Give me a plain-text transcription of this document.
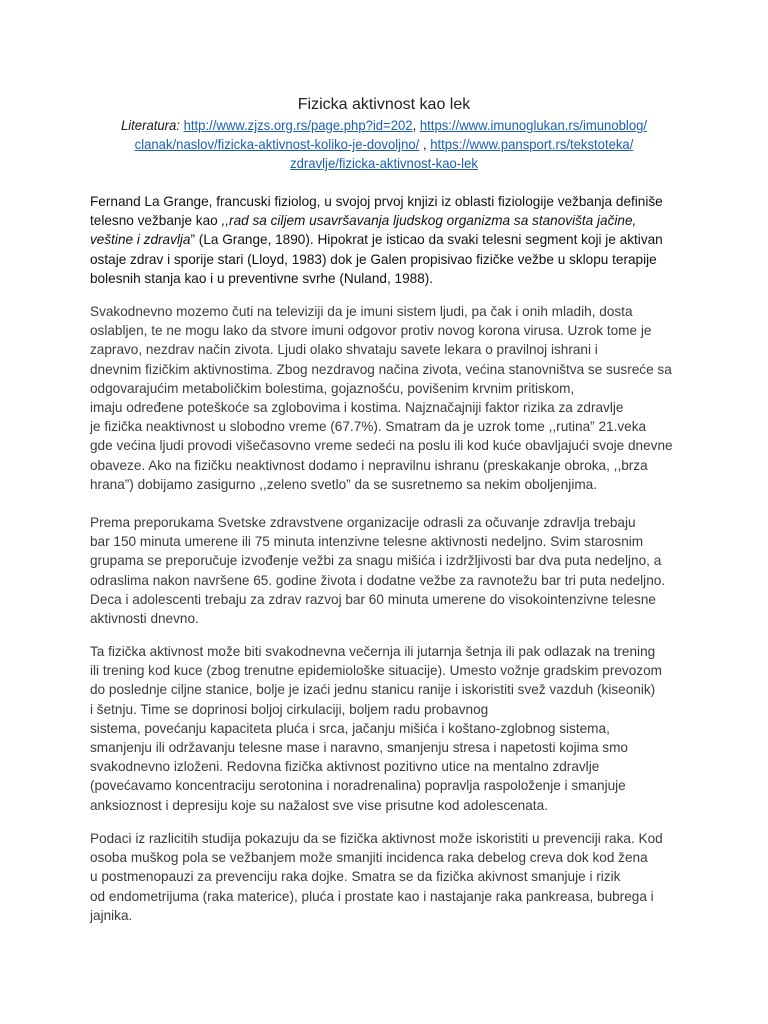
Fizicka aktivnost kao lek
Literatura: http://www.zjzs.org.rs/page.php?id=202, https://www.imunoglukan.rs/imunoblog/
clanak/naslov/fizicka-aktivnost-koliko-je-dovoljno/ , https://www.pansport.rs/tekstoteka/
zdravlje/fizicka-aktivnost-kao-lek
Fernand La Grange, francuski fiziolog, u svojoj prvoj knjizi iz oblasti fiziologije vežbanja definiše
telesno vežbanje kao ,,rad sa ciljem usavršavanja ljudskog organizma sa stanovišta jačine,
veštine i zdravlja” (La Grange, 1890). Hipokrat je isticao da svaki telesni segment koji je aktivan
ostaje zdrav i sporije stari (Lloyd, 1983) dok je Galen propisivao fizičke vežbe u sklopu terapije
bolesnih stanja kao i u preventivne svrhe (Nuland, 1988).
Svakodnevno mozemo čuti na televiziji da je imuni sistem ljudi, pa čak i onih mladih, dosta
oslabljen, te ne mogu lako da stvore imuni odgovor protiv novog korona virusa. Uzrok tome je
zapravo, nezdrav način zivota. Ljudi olako shvataju savete lekara o pravilnoj ishrani i
dnevnim fizičkim aktivnostima. Zbog nezdravog načina zivota, većina stanovništva se susreće sa
odgovarajućim metaboličkim bolestima, gojaznošću, povišenim krvnim pritiskom,
imaju određene poteškoće sa zglobovima i kostima. Najznačajniji faktor rizika za zdravlje
je fizička neaktivnost u slobodno vreme (67.7%). Smatram da je uzrok tome ,,rutina” 21.veka
gde većina ljudi provodi višečasovno vreme sedeći na poslu ili kod kuće obavljajući svoje dnevne
obaveze. Ako na fizičku neaktivnost dodamo i nepravilnu ishranu (preskakanje obroka, ,,brza
hrana”) dobijamo zasigurno ,,zeleno svetlo” da se susretnemo sa nekim oboljenjima.
Prema preporukama Svetske zdravstvene organizacije odrasli za očuvanje zdravlja trebaju
bar 150 minuta umerene ili 75 minuta intenzivne telesne aktivnosti nedeljno. Svim starosnim
grupama se preporučuje izvođenje vežbi za snagu mišića i izdržljivosti bar dva puta nedeljno, a
odraslima nakon navršene 65. godine života i dodatne vežbe za ravnotežu bar tri puta nedeljno.
Deca i adolescenti trebaju za zdrav razvoj bar 60 minuta umerene do visokointenzivne telesne
aktivnosti dnevno.
Ta fizička aktivnost može biti svakodnevna večernja ili jutarnja šetnja ili pak odlazak na trening
ili trening kod kuce (zbog trenutne epidemiološke situacije). Umesto vožnje gradskim prevozom
do poslednje ciljne stanice, bolje je izaći jednu stanicu ranije i iskoristiti svež vazduh (kiseonik)
i šetnju. Time se doprinosi boljoj cirkulaciji, boljem radu probavnog
sistema, povećanju kapaciteta pluća i srca, jačanju mišića i koštano-zglobnog sistema,
smanjenju ili održavanju telesne mase i naravno, smanjenju stresa i napetosti kojima smo
svakodnevno izloženi. Redovna fizička aktivnost pozitivno utice na mentalno zdravlje
(povećavamo koncentraciju serotonina i noradrenalina) popravlja raspoloženje i smanjuje
anksioznost i depresiju koje su nažalost sve vise prisutne kod adolescenata.
Podaci iz razlicitih studija pokazuju da se fizička aktivnost može iskoristiti u prevenciji raka. Kod
osoba muškog pola se vežbanjem može smanjiti incidenca raka debelog creva dok kod žena
u postmenopauzi za prevenciju raka dojke. Smatra se da fizička akivnost smanjuje i rizik
od endometrijuma (raka materice), pluća i prostate kao i nastajanje raka pankreasa, bubrega i
jajnika.
